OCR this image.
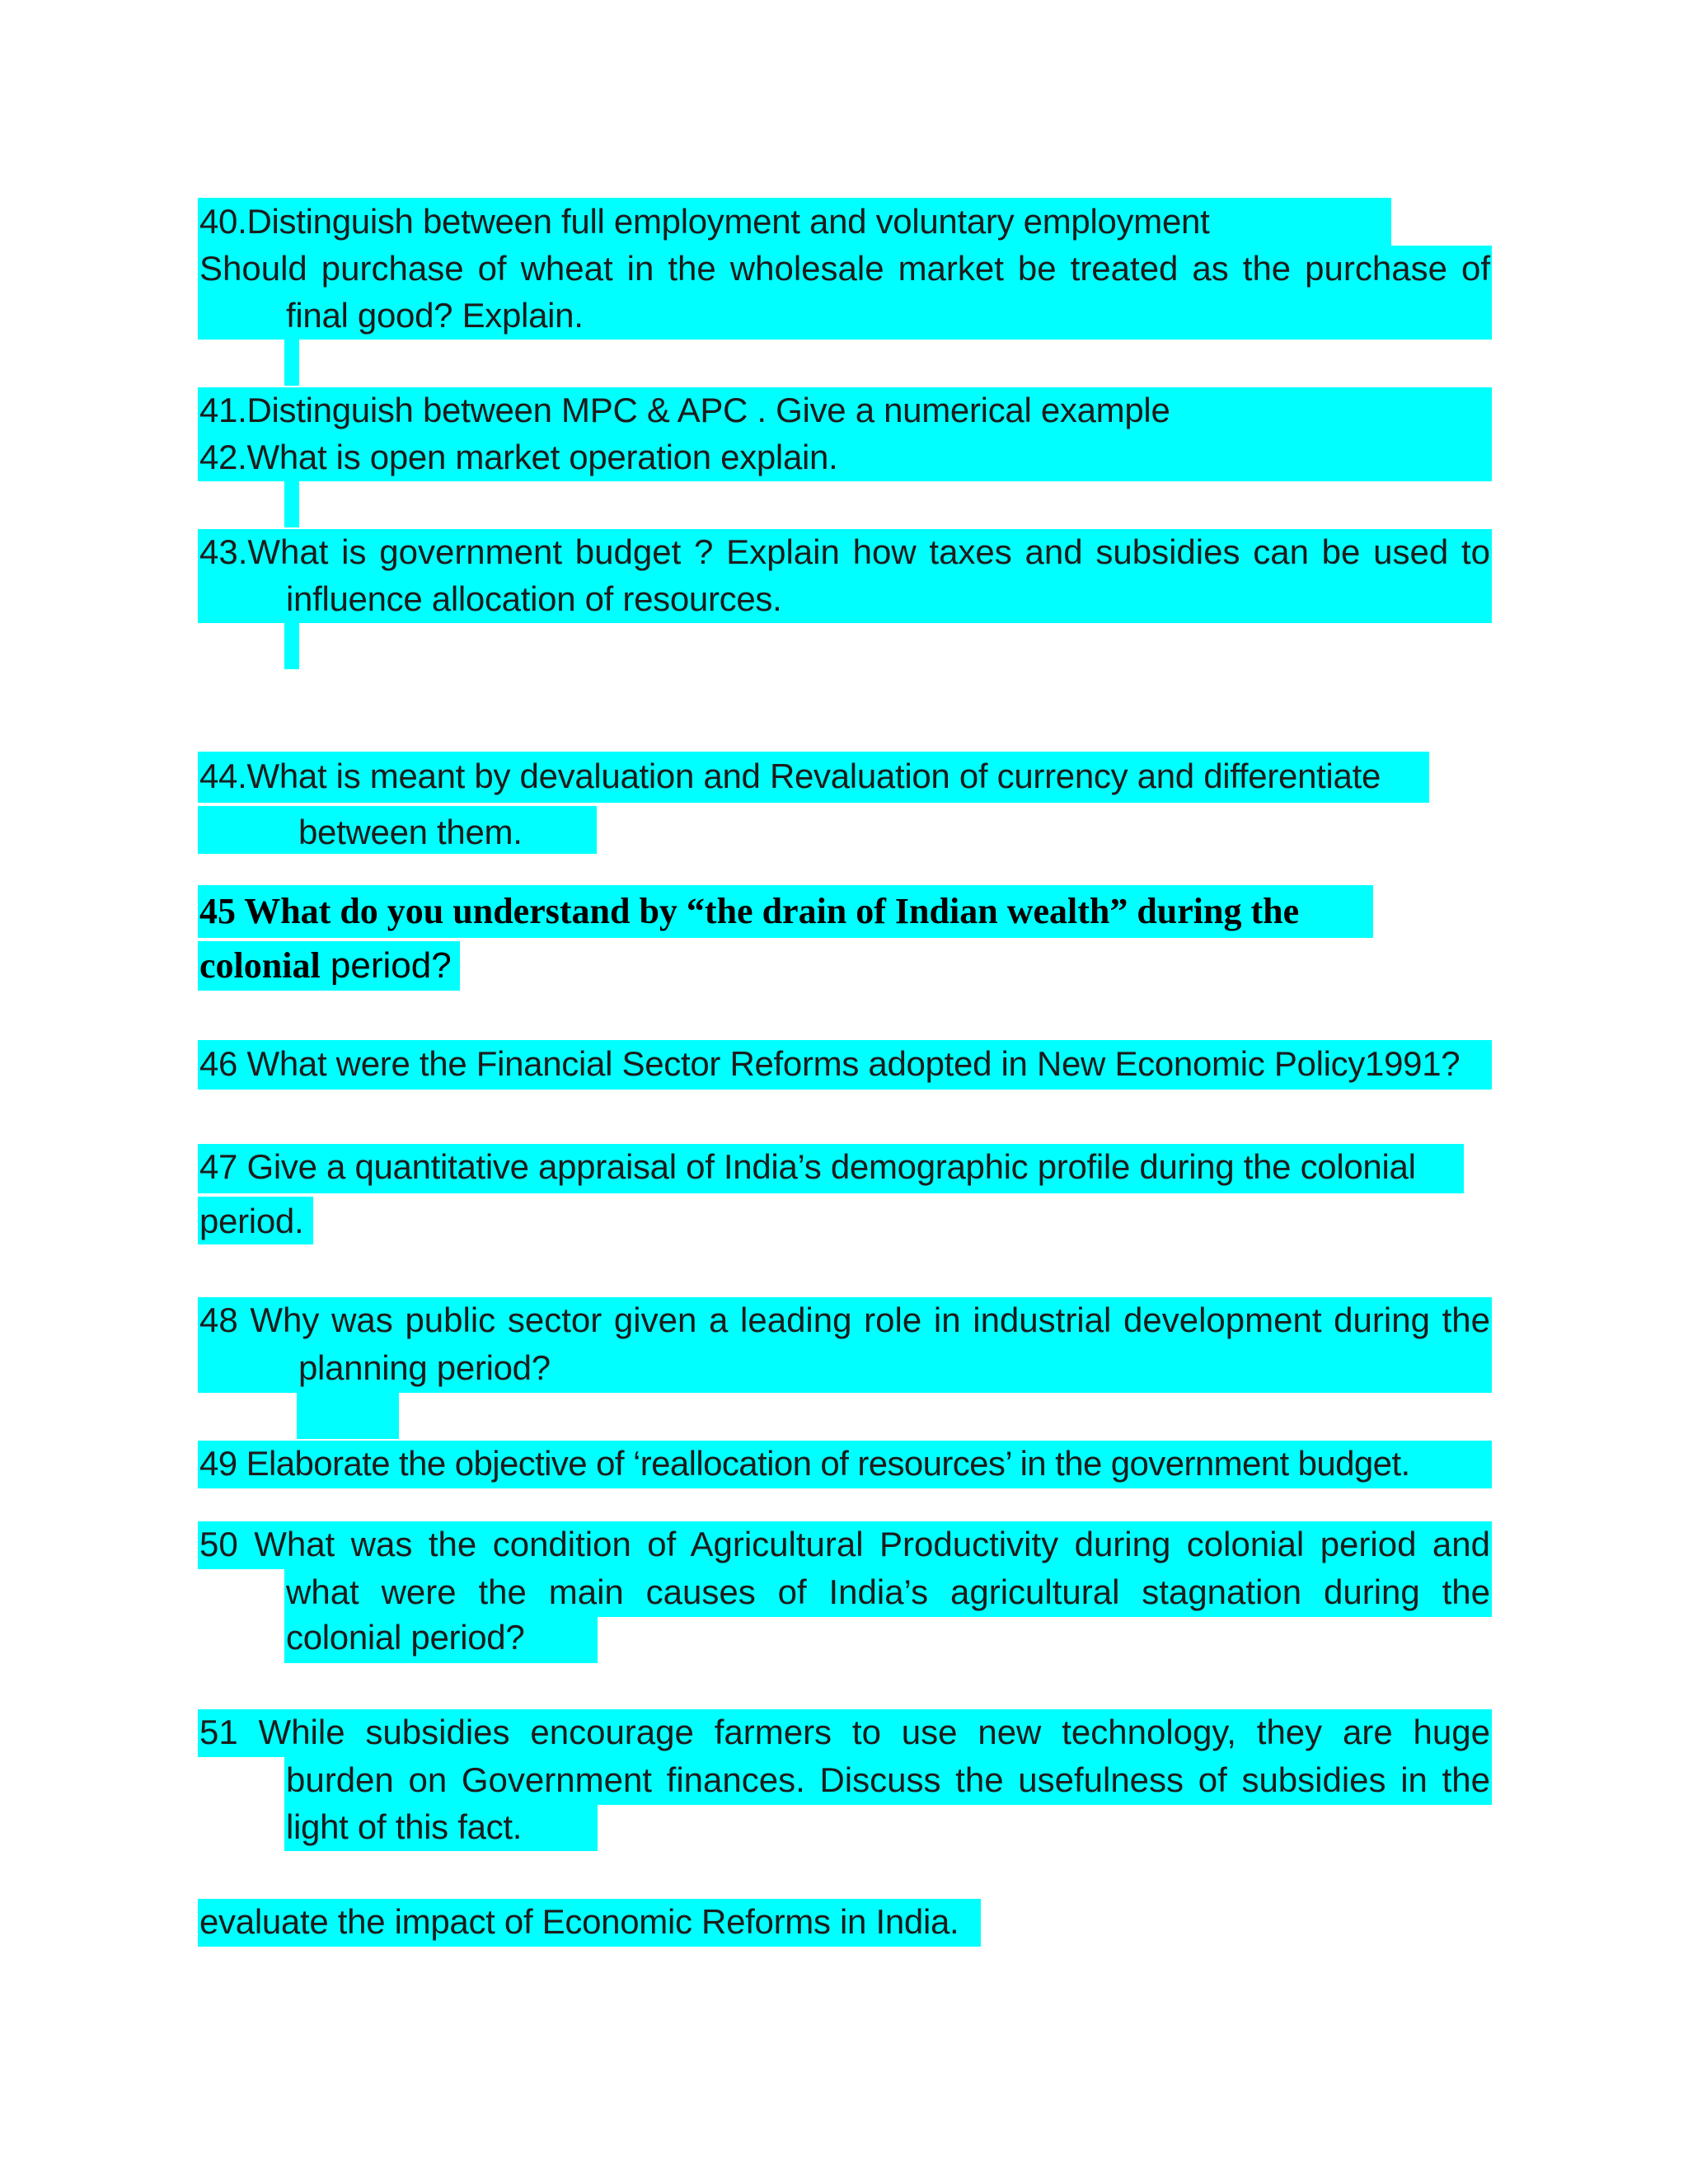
40.Distinguish between full employment and voluntary employment
Should purchase of wheat in the wholesale market be treated as the purchase of
final good? Explain.
41.Distinguish between MPC & APC . Give a numerical example
42.What is open market operation explain.
43.What is government budget ? Explain how taxes and subsidies can be used to
influence allocation of resources.
44.What is meant by devaluation and Revaluation of currency and differentiate
between them.
45 What do you understand by “the drain of Indian wealth” during the
colonial period?
46 What were the Financial Sector Reforms adopted in New Economic Policy1991?
47 Give a quantitative appraisal of India’s demographic profile during the colonial
period.
48 Why was public sector given a leading role in industrial development during the
planning period?
49 Elaborate the objective of ‘reallocation of resources’ in the government budget.
50 What was the condition of Agricultural Productivity during colonial period and
what were the main causes of India’s agricultural stagnation during the
colonial period?
51 While subsidies encourage farmers to use new technology, they are huge
burden on Government finances. Discuss the usefulness of subsidies in the
light of this fact.
evaluate the impact of Economic Reforms in India.
